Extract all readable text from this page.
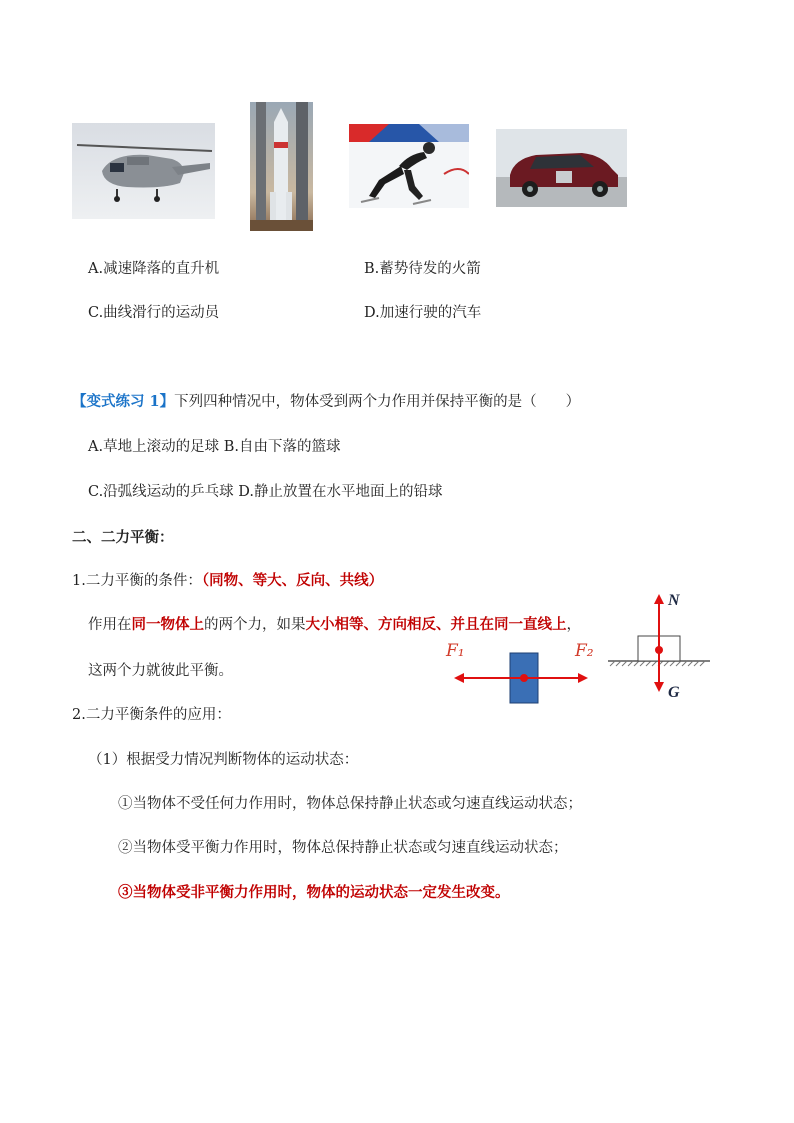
A.减速降落的直升机	B.蓄势待发的火箭
C.曲线滑行的运动员	D.加速行驶的汽车
【变式练习 1】下列四种情况中，物体受到两个力作用并保持平衡的是（　　）
A.草地上滚动的足球 B.自由下落的篮球
C.沿弧线运动的乒乓球 D.静止放置在水平地面上的铅球
二、二力平衡：
1.二力平衡的条件：（同物、等大、反向、共线）
作用在同一物体上的两个力，如果大小相等、方向相反、并且在同一直线上，
这两个力就彼此平衡。
2.二力平衡条件的应用：
（1）根据受力情况判断物体的运动状态：
①当物体不受任何力作用时，物体总保持静止状态或匀速直线运动状态；
②当物体受平衡力作用时，物体总保持静止状态或匀速直线运动状态；
③当物体受非平衡力作用时，物体的运动状态一定发生改变。
F₁	F₂
N
G
